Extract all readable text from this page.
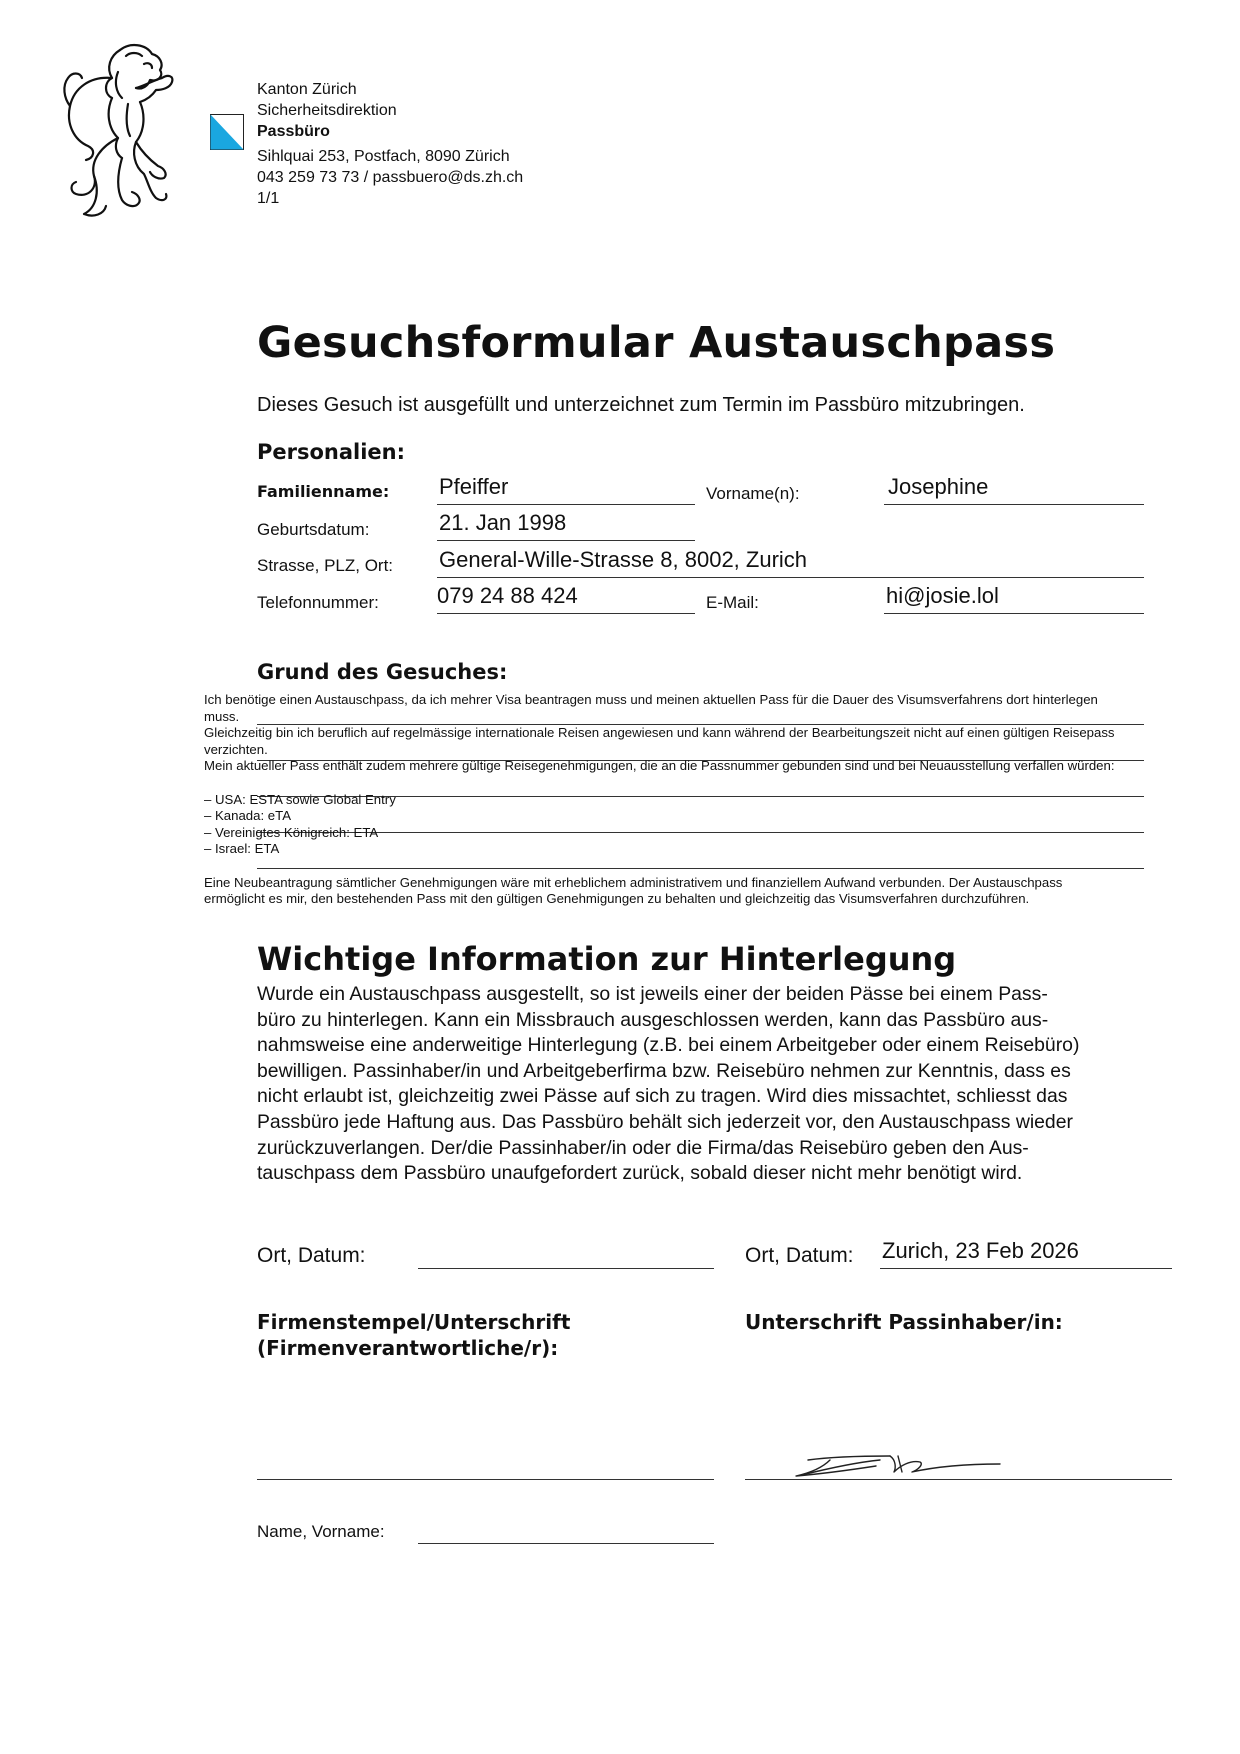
Kanton Zürich
Sicherheitsdirektion
Passbüro
Sihlquai 253, Postfach, 8090 Zürich
043 259 73 73 / passbuero@ds.zh.ch
1/1
Gesuchsformular Austauschpass
Dieses Gesuch ist ausgefüllt und unterzeichnet zum Termin im Passbüro mitzubringen.
Personalien:
Familienname: Pfeiffer	Vorname(n):	Josephine
Geburtsdatum:	21. Jan 1998
Strasse, PLZ, Ort: General-Wille-Strasse 8, 8002, Zurich
Telefonnummer:	079 24 88 424	E-Mail:	hi@josie.lol
Grund des Gesuches:
Ich benötige einen Austauschpass, da ich mehrer Visa beantragen muss und meinen aktuellen Pass für die Dauer des Visumsverfahrens dort hinterlegen
muss.
Gleichzeitig bin ich beruflich auf regelmässige internationale Reisen angewiesen und kann während der Bearbeitungszeit nicht auf einen gültigen Reisepass
verzichten.
Mein aktueller Pass enthält zudem mehrere gültige Reisegenehmigungen, die an die Passnummer gebunden sind und bei Neuausstellung verfallen würden:
– USA: ESTA sowie Global Entry
– Kanada: eTA
– Vereinigtes Königreich: ETA
– Israel: ETA
Eine Neubeantragung sämtlicher Genehmigungen wäre mit erheblichem administrativem und finanziellem Aufwand verbunden. Der Austauschpass
ermöglicht es mir, den bestehenden Pass mit den gültigen Genehmigungen zu behalten und gleichzeitig das Visumsverfahren durchzuführen.
Wichtige Information zur Hinterlegung
Wurde ein Austauschpass ausgestellt, so ist jeweils einer der beiden Pässe bei einem Pass-
büro zu hinterlegen. Kann ein Missbrauch ausgeschlossen werden, kann das Passbüro aus-
nahmsweise eine anderweitige Hinterlegung (z.B. bei einem Arbeitgeber oder einem Reisebüro)
bewilligen. Passinhaber/in und Arbeitgeberfirma bzw. Reisebüro nehmen zur Kenntnis, dass es
nicht erlaubt ist, gleichzeitig zwei Pässe auf sich zu tragen. Wird dies missachtet, schliesst das
Passbüro jede Haftung aus. Das Passbüro behält sich jederzeit vor, den Austauschpass wieder
zurückzuverlangen. Der/die Passinhaber/in oder die Firma/das Reisebüro geben den Aus-
tauschpass dem Passbüro unaufgefordert zurück, sobald dieser nicht mehr benötigt wird.
Ort, Datum:	Ort, Datum: Zurich, 23 Feb 2026
Firmenstempel/Unterschrift
(Firmenverantwortliche/r):
Unterschrift Passinhaber/in:
Name, Vorname:
